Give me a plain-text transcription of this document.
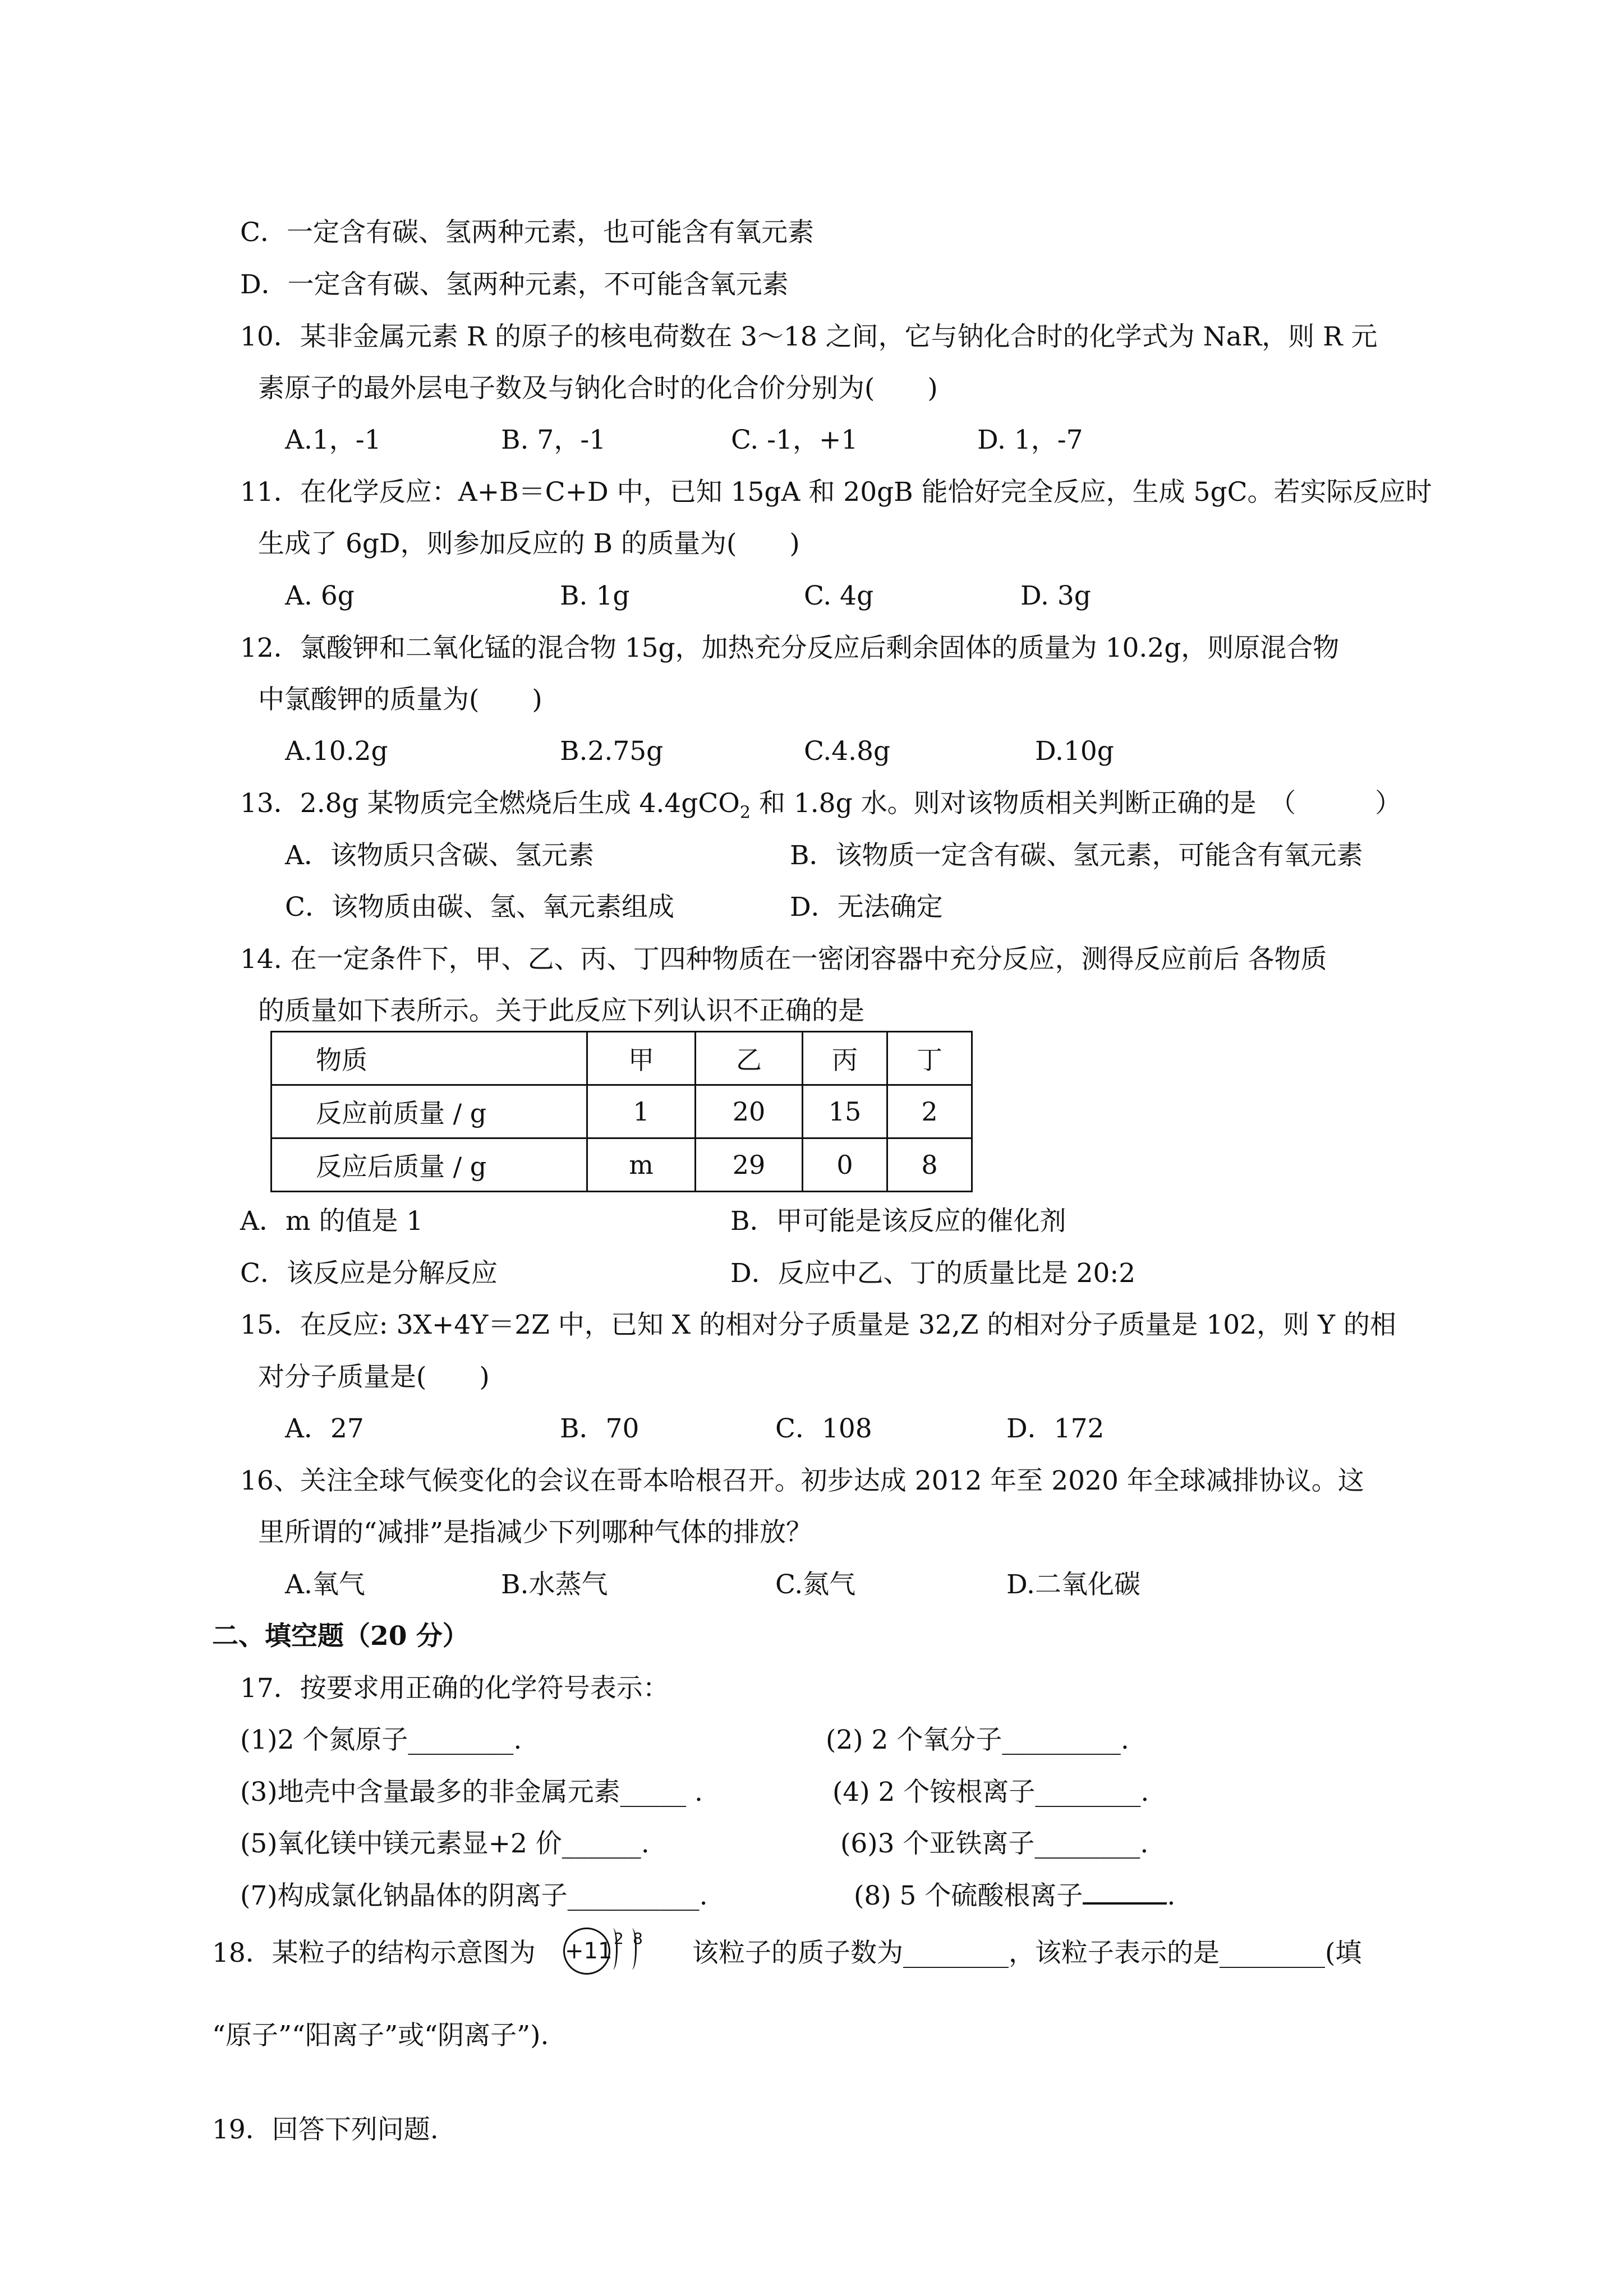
C．一定含有碳、氢两种元素，也可能含有氧元素
D．一定含有碳、氢两种元素，不可能含氧元素
10．某非金属元素 R 的原子的核电荷数在 3～18 之间，它与钠化合时的化学式为 NaR，则 R 元
素原子的最外层电子数及与钠化合时的化合价分别为(　　)
A.1，-1	B. 7，-1	C. -1，+1	D. 1，-7
11．在化学反应：A+B＝C+D 中，已知 15gA 和 20gB 能恰好完全反应，生成 5gC。若实际反应时
生成了 6gD，则参加反应的 B 的质量为(　　)
A. 6g	B. 1g	C. 4g	D. 3g
12．氯酸钾和二氧化锰的混合物 15g，加热充分反应后剩余固体的质量为 10.2g，则原混合物
中氯酸钾的质量为(　　)
A.10.2g	B.2.75g	C.4.8g	D.10g
13．2.8g 某物质完全燃烧后生成 4.4gCO$_2$ 和 1.8g 水。则对该物质相关判断正确的是　（　　　）
A．该物质只含碳、氢元素	B．该物质一定含有碳、氢元素，可能含有氧元素
C．该物质由碳、氢、氧元素组成	D．无法确定
14. 在一定条件下，甲、乙、丙、丁四种物质在一密闭容器中充分反应，测得反应前后 各物质
的质量如下表所示。关于此反应下列认识不正确的是
物质	甲	乙	丙	丁
反应前质量 / g	1	20	15	2
反应后质量 / g	m	29	0	8
A．m 的值是 1	B．甲可能是该反应的催化剂
C．该反应是分解反应	D．反应中乙、丁的质量比是 20:2
15．在反应: 3X+4Y＝2Z 中，已知 X 的相对分子质量是 32,Z 的相对分子质量是 102，则 Y 的相
对分子质量是(　　)
A．27	B．70	C．108	D．172
16、关注全球气候变化的会议在哥本哈根召开。初步达成 2012 年至 2020 年全球减排协议。这
里所谓的“减排”是指减少下列哪种气体的排放？
A.氧气	B.水蒸气	C.氮气	D.二氧化碳
二、填空题（20 分）
17．按要求用正确的化学符号表示：
(1)2 个氮原子________.	(2) 2 个氧分子_________.
(3)地壳中含量最多的非金属元素_____ .	(4) 2 个铵根离子________.
(5)氧化镁中镁元素显+2 价______.	(6)3 个亚铁离子________.
(7)构成氯化钠晶体的阴离子__________.	(8) 5 个硫酸根离子	.
18．某粒子的结构示意图为 +11 2 8 该粒子的质子数为________，该粒子表示的是________(填
“原子”“阳离子”或“阴离子”).
19．回答下列问题.
